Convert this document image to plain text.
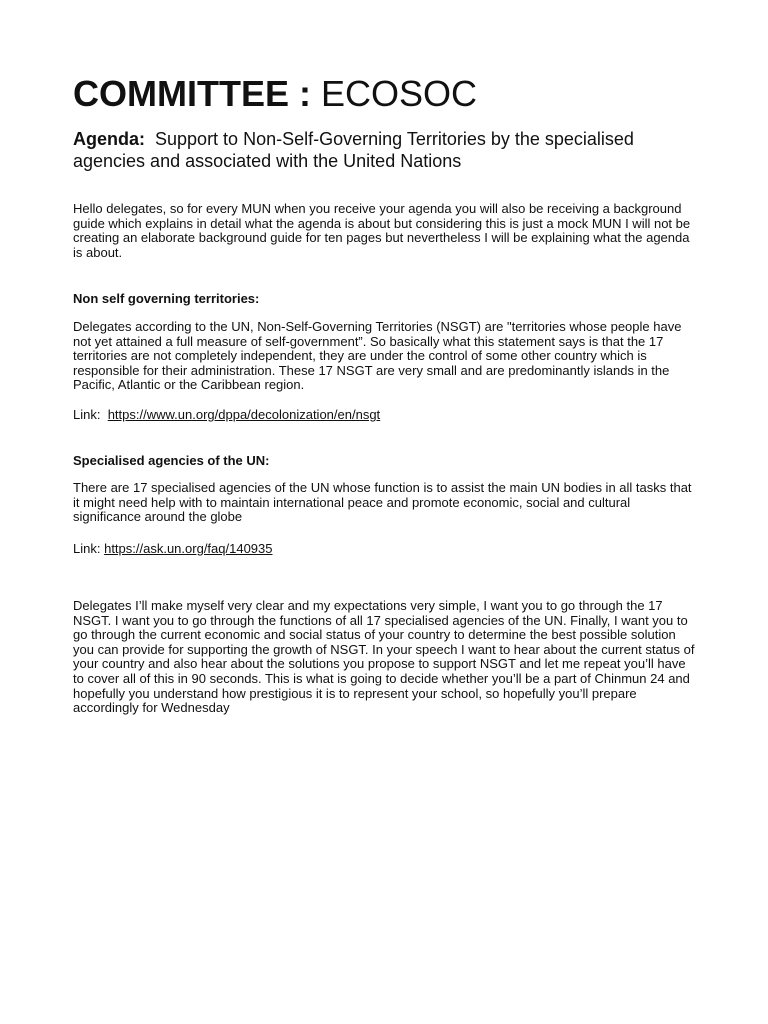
COMMITTEE : ECOSOC

Agenda: Support to Non-Self-Governing Territories by the specialised agencies and associated with the United Nations

Hello delegates, so for every MUN when you receive your agenda you will also be receiving a background guide which explains in detail what the agenda is about but considering this is just a mock MUN I will not be creating an elaborate background guide for ten pages but nevertheless I will be explaining what the agenda is about.

Non self governing territories:

Delegates according to the UN, Non-Self-Governing Territories (NSGT) are "territories whose people have not yet attained a full measure of self-government”. So basically what this statement says is that the 17 territories are not completely independent, they are under the control of some other country which is responsible for their administration. These 17 NSGT are very small and are predominantly islands in the Pacific, Atlantic or the Caribbean region.

Link: https://www.un.org/dppa/decolonization/en/nsgt

Specialised agencies of the UN:

There are 17 specialised agencies of the UN whose function is to assist the main UN bodies in all tasks that it might need help with to maintain international peace and promote economic, social and cultural significance around the globe

Link: https://ask.un.org/faq/140935

Delegates I’ll make myself very clear and my expectations very simple, I want you to go through the 17 NSGT. I want you to go through the functions of all 17 specialised agencies of the UN. Finally, I want you to go through the current economic and social status of your country to determine the best possible solution you can provide for supporting the growth of NSGT. In your speech I want to hear about the current status of your country and also hear about the solutions you propose to support NSGT and let me repeat you’ll have to cover all of this in 90 seconds. This is what is going to decide whether you’ll be a part of Chinmun 24 and hopefully you understand how prestigious it is to represent your school, so hopefully you’ll prepare accordingly for Wednesday
